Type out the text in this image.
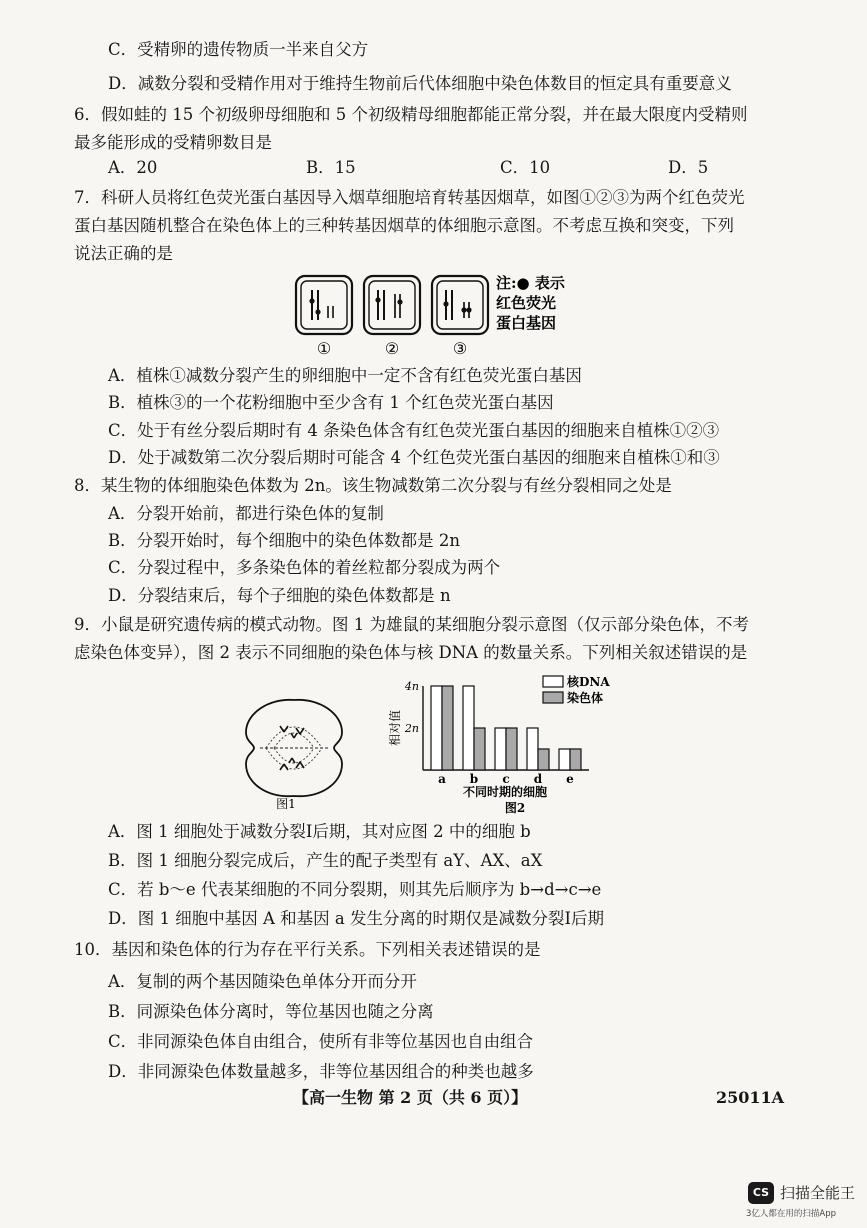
C．受精卵的遗传物质一半来自父方
D．减数分裂和受精作用对于维持生物前后代体细胞中染色体数目的恒定具有重要意义
6．假如蛙的 15 个初级卵母细胞和 5 个初级精母细胞都能正常分裂，并在最大限度内受精则
最多能形成的受精卵数目是
A．20	B．15	C．10	D．5
7．科研人员将红色荧光蛋白基因导入烟草细胞培育转基因烟草，如图①②③为两个红色荧光
蛋白基因随机整合在染色体上的三种转基因烟草的体细胞示意图。不考虑互换和突变，下列
说法正确的是
①	②	③
注:● 表示
红色荧光
蛋白基因
A．植株①减数分裂产生的卵细胞中一定不含有红色荧光蛋白基因
B．植株③的一个花粉细胞中至少含有 1 个红色荧光蛋白基因
C．处于有丝分裂后期时有 4 条染色体含有红色荧光蛋白基因的细胞来自植株①②③
D．处于减数第二次分裂后期时可能含 4 个红色荧光蛋白基因的细胞来自植株①和③
8．某生物的体细胞染色体数为 2n。该生物减数第二次分裂与有丝分裂相同之处是
A．分裂开始前，都进行染色体的复制
B．分裂开始时，每个细胞中的染色体数都是 2n
C．分裂过程中，多条染色体的着丝粒都分裂成为两个
D．分裂结束后，每个子细胞的染色体数都是 n
9．小鼠是研究遗传病的模式动物。图 1 为雄鼠的某细胞分裂示意图（仅示部分染色体，不考
虑染色体变异），图 2 表示不同细胞的染色体与核 DNA 的数量关系。下列相关叙述错误的是
图1
相对值
4n
2n
a b c d e
不同时期的细胞
图2
核DNA
染色体
A．图 1 细胞处于减数分裂Ⅰ后期，其对应图 2 中的细胞 b
B．图 1 细胞分裂完成后，产生的配子类型有 aY、AX、aX
C．若 b～e 代表某细胞的不同分裂期，则其先后顺序为 b→d→c→e
D．图 1 细胞中基因 A 和基因 a 发生分离的时期仅是减数分裂Ⅰ后期
10．基因和染色体的行为存在平行关系。下列相关表述错误的是
A．复制的两个基因随染色单体分开而分开
B．同源染色体分离时，等位基因也随之分离
C．非同源染色体自由组合，使所有非等位基因也自由组合
D．非同源染色体数量越多，非等位基因组合的种类也越多
【高一生物 第 2 页（共 6 页）】	25011A
CS 扫描全能王
3亿人都在用的扫描App
